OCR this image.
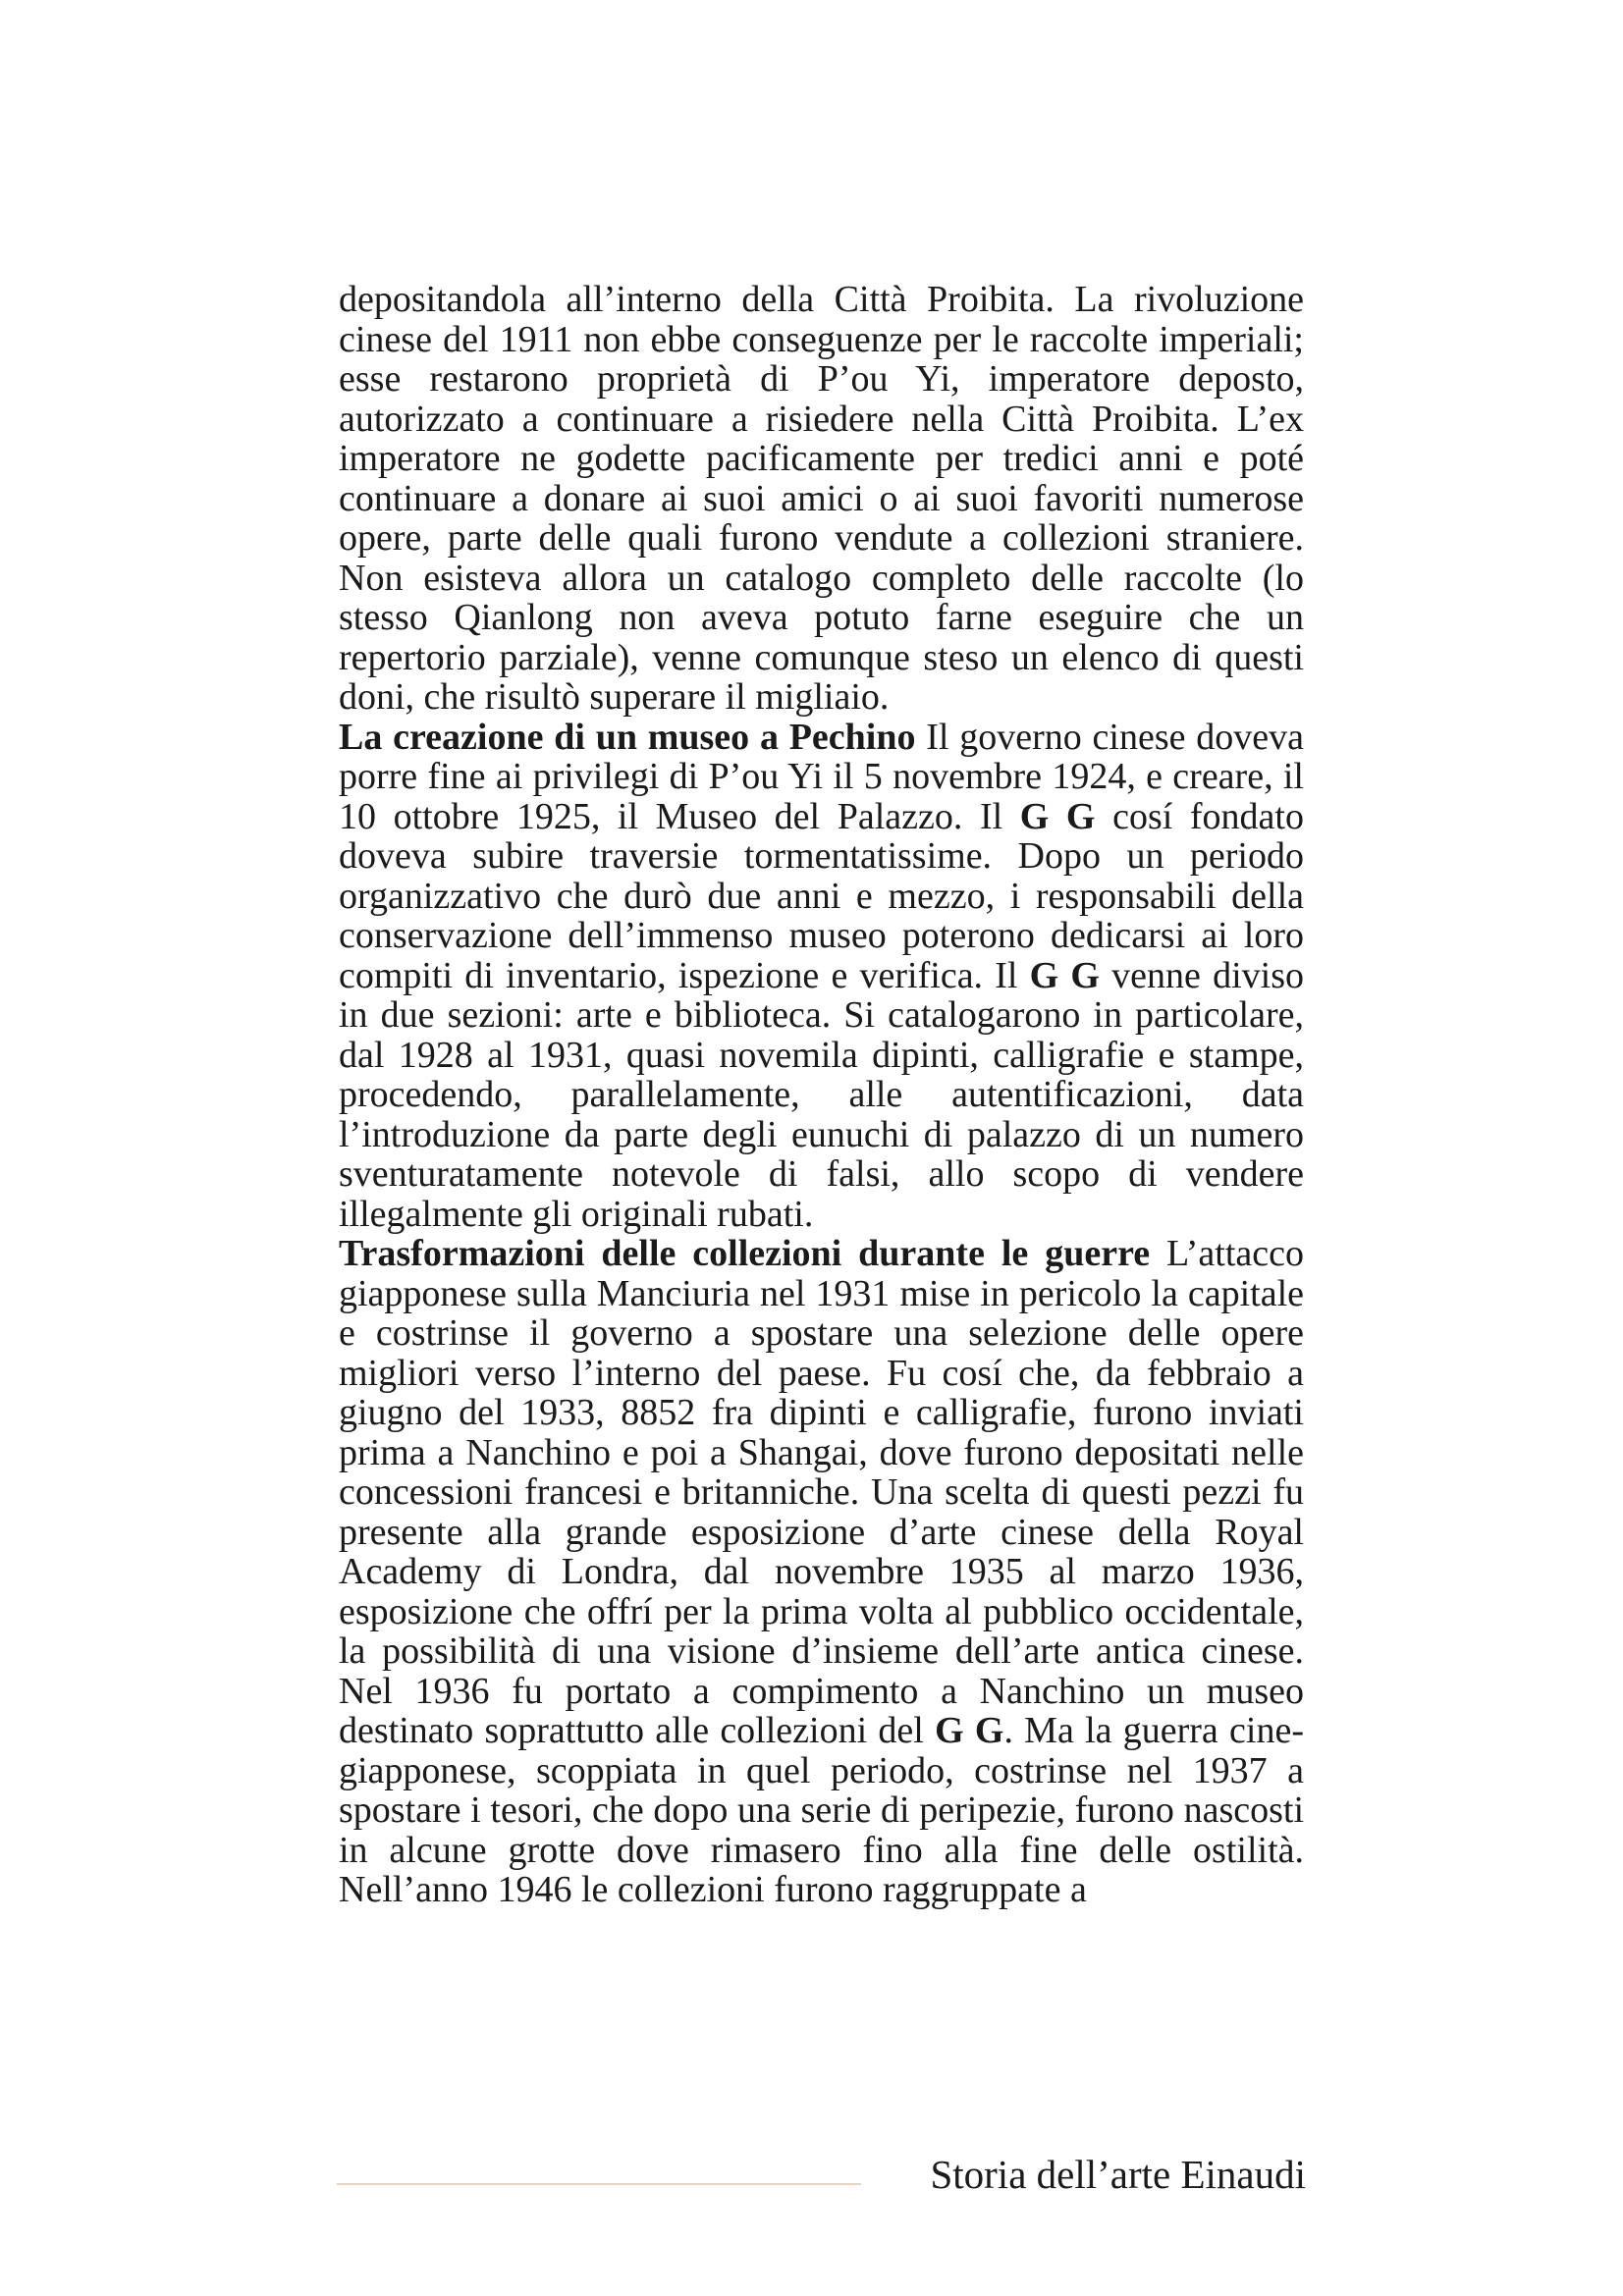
depositandola all’interno della Città Proibita. La rivoluzione cinese del 1911 non ebbe conseguenze per le raccolte imperiali; esse restarono proprietà di P’ou Yi, imperatore deposto, autorizzato a continuare a risiedere nella Città Proibita. L’ex imperatore ne godette pacificamente per tredici anni e poté continuare a donare ai suoi amici o ai suoi favoriti numerose opere, parte delle quali furono vendute a collezioni straniere. Non esisteva allora un catalogo completo delle raccolte (lo stesso Qianlong non aveva potuto farne eseguire che un repertorio parziale), venne comunque steso un elenco di questi doni, che risultò superare il migliaio.

La creazione di un museo a Pechino Il governo cinese doveva porre fine ai privilegi di P’ou Yi il 5 novembre 1924, e creare, il 10 ottobre 1925, il Museo del Palazzo. Il G G cosí fondato doveva subire traversie tormentatissime. Dopo un periodo organizzativo che durò due anni e mezzo, i responsabili della conservazione dell’immenso museo poterono dedicarsi ai loro compiti di inventario, ispezione e verifica. Il G G venne diviso in due sezioni: arte e biblioteca. Si catalogarono in particolare, dal 1928 al 1931, quasi novemila dipinti, calligrafie e stampe, procedendo, parallelamente, alle autentificazioni, data l’introduzione da parte degli eunuchi di palazzo di un numero sventuratamente notevole di falsi, allo scopo di vendere illegalmente gli originali rubati.

Trasformazioni delle collezioni durante le guerre L’attacco giapponese sulla Manciuria nel 1931 mise in pericolo la capitale e costrinse il governo a spostare una selezione delle opere migliori verso l’interno del paese. Fu cosí che, da febbraio a giugno del 1933, 8852 fra dipinti e calligrafie, furono inviati prima a Nanchino e poi a Shangai, dove furono depositati nelle concessioni francesi e britanniche. Una scelta di questi pezzi fu presente alla grande esposizione d’arte cinese della Royal Academy di Londra, dal novembre 1935 al marzo 1936, esposizione che offrí per la prima volta al pubblico occidentale, la possibilità di una visione d’insieme dell’arte antica cinese. Nel 1936 fu portato a compimento a Nanchino un museo destinato soprattutto alle collezioni del G G. Ma la guerra cine-giapponese, scoppiata in quel periodo, costrinse nel 1937 a spostare i tesori, che dopo una serie di peripezie, furono nascosti in alcune grotte dove rimasero fino alla fine delle ostilità. Nell’anno 1946 le collezioni furono raggruppate a

Storia dell’arte Einaudi
